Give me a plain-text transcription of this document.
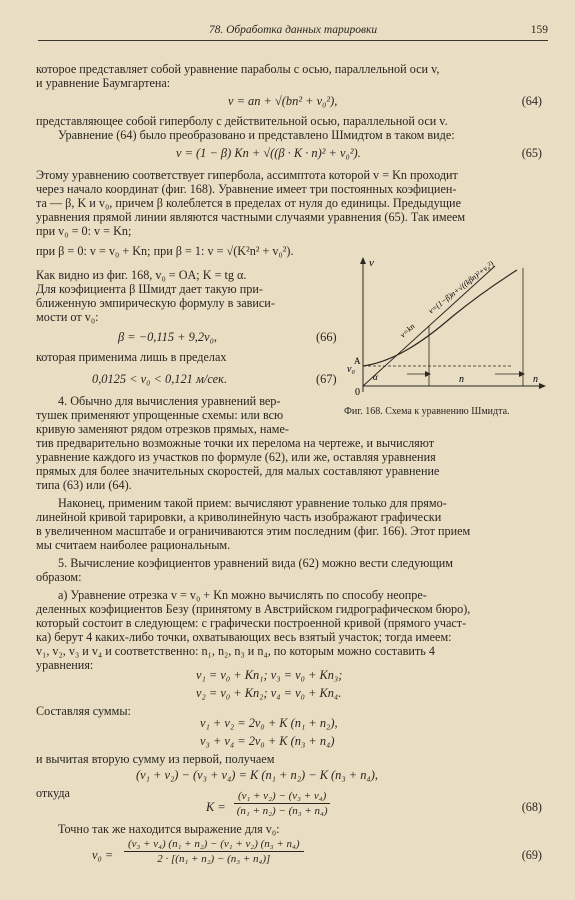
78. Обработка данных тарировки	159
которое представляет собой уравнение параболы с осью, параллельной оси v,
и уравнение Баумгартена:
v = an + √(bn² + v₀²),	(64)
представляющее собой гиперболу с действительной осью, параллельной оси v.
Уравнение (64) было преобразовано и представлено Шмидтом в таком виде:
v = (1 − β) Kn + √((β · K · n)² + v₀²).	(65)
Этому уравнению соответствует гипербола, ассимптота которой v = Kn проходит
через начало координат (фиг. 168). Уравнение имеет три постоянных коэфициен-
та — β, K и v₀, причем β колеблется в пределах от нуля до единицы. Предыдущие
уравнения прямой линии являются частными случаями уравнения (65). Так имеем
при v₀ = 0: v = Kn;
при β = 0: v = v₀ + Kn; при β = 1: v = √(K²n² + v₀²).
Как видно из фиг. 168, v₀ = OA; K = tg α.
Для коэфициента β Шмидт дает такую при-
ближенную эмпирическую формулу в зависи-
мости от v₀:
β = −0,115 + 9,2v₀,	(66)
которая применима лишь в пределах
0,0125 < v₀ < 0,121 м/сек.	(67)
v₀
0
A
α
v
n
n
v=kn
v=(1−β)n+√((kβn)²+v₀²)
Фиг. 168. Схема к уравнению Шмидта.
4. Обычно для вычисления уравнений вер-
тушек применяют упрощенные схемы: или всю
кривую заменяют рядом отрезков прямых, наме-
тив предварительно возможные точки их перелома на чертеже, и вычисляют
уравнение каждого из участков по формуле (62), или же, оставляя уравнения
прямых для более значительных скоростей, для малых составляют уравнение
типа (63) или (64).
Наконец, применим такой прием: вычисляют уравнение только для прямо-
линейной кривой тарировки, а криволинейную часть изображают графически
в увеличенном масштабе и ограничиваются этим последним (фиг. 166). Этот прием
мы считаем наиболее рациональным.
5. Вычисление коэфициентов уравнений вида (62) можно вести следующим
образом:
а) Уравнение отрезка v = v₀ + Kn можно вычислять по способу неопре-
деленных коэфициентов Безу (принятому в Австрийском гидрографическом бюро),
который состоит в следующем: с графически построенной кривой (прямого участ-
ка) берут 4 каких-либо точки, охватывающих весь взятый участок; тогда имеем:
v₁, v₂, v₃ и v₄ и соответственно: n₁, n₂, n₃ и n₄, по которым можно составить 4
уравнения:
v₁ = v₀ + Kn₁; v₃ = v₀ + Kn₃;
v₂ = v₀ + Kn₂; v₄ = v₀ + Kn₄.
Составляя суммы:
v₁ + v₂ = 2v₀ + K (n₁ + n₂),
v₃ + v₄ = 2v₀ + K (n₃ + n₄)
и вычитая вторую сумму из первой, получаем
(v₁ + v₂) − (v₃ + v₄) = K (n₁ + n₂) − K (n₃ + n₄),
откуда
$K = \frac{\text{(v₁ + v₂) − (v₃ + v₄)}}{\text{(n₁ + n₂) − (n₃ + n₄)}}$	(68)
Точно так же находится выражение для v₀:
$v_0 = \frac{\text{(v₃ + v₄) (n₁ + n₂) − (v₁ + v₂) (n₃ + n₄)}}{\text{2 · [(n₁ + n₂) − (n₃ + n₄)]}}$	(69)
